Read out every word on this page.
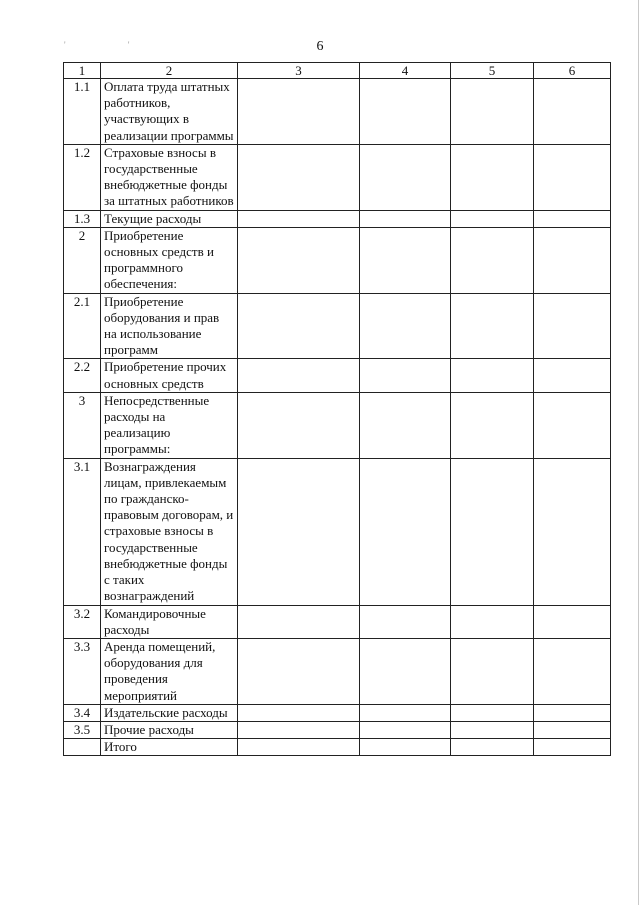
' '	6
1	2	3	4	5	6
1.1	Оплата труда штатных работников, участвующих в реализации программы				
1.2	Страховые взносы в государственные внебюджетные фонды за штатных работников				
1.3	Текущие расходы				
2	Приобретение основных средств и программного обеспечения:				
2.1	Приобретение оборудования и прав на использование программ				
2.2	Приобретение прочих основных средств				
3	Непосредственные расходы на реализацию программы:				
3.1	Вознаграждения лицам, привлекаемым по гражданско-правовым договорам, и страховые взносы в государственные внебюджетные фонды с таких вознаграждений				
3.2	Командировочные расходы				
3.3	Аренда помещений, оборудования для проведения мероприятий				
3.4	Издательские расходы				
3.5	Прочие расходы				
	Итого				
